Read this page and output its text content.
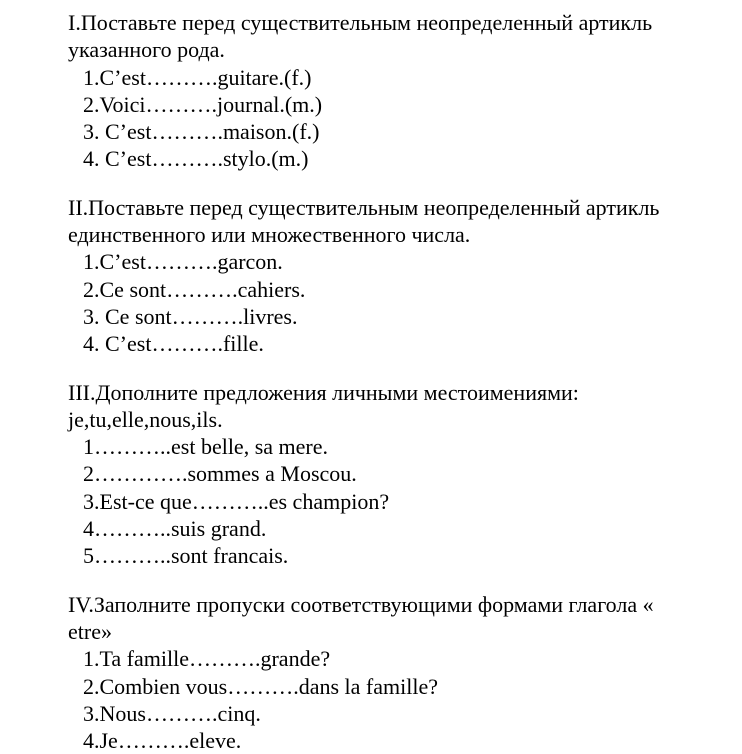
I.Поставьте перед существительным неопределенный артикль
указанного рода.

1.C’est……….guitare.(f.)
2.Voici……….journal.(m.)
3. C’est……….maison.(f.)
4. C’est……….stylo.(m.)

II.Поставьте перед существительным неопределенный артикль
единственного или множественного числа.

1.C’est……….garcon.
2.Ce sont……….cahiers.
3. Ce sont……….livres.
4. C’est……….fille.

III.Дополните предложения личными местоимениями:
je,tu,elle,nous,ils.

1………..est belle, sa mere.
2………….sommes a Moscou.
3.Est-ce que………..es champion?
4………..suis grand.
5………..sont francais.

IV.Заполните пропуски соответствующими формами глагола «
etre»

1.Ta famille……….grande?
2.Combien vous……….dans la famille?
3.Nous……….cinq.
4.Je……….eleve.
